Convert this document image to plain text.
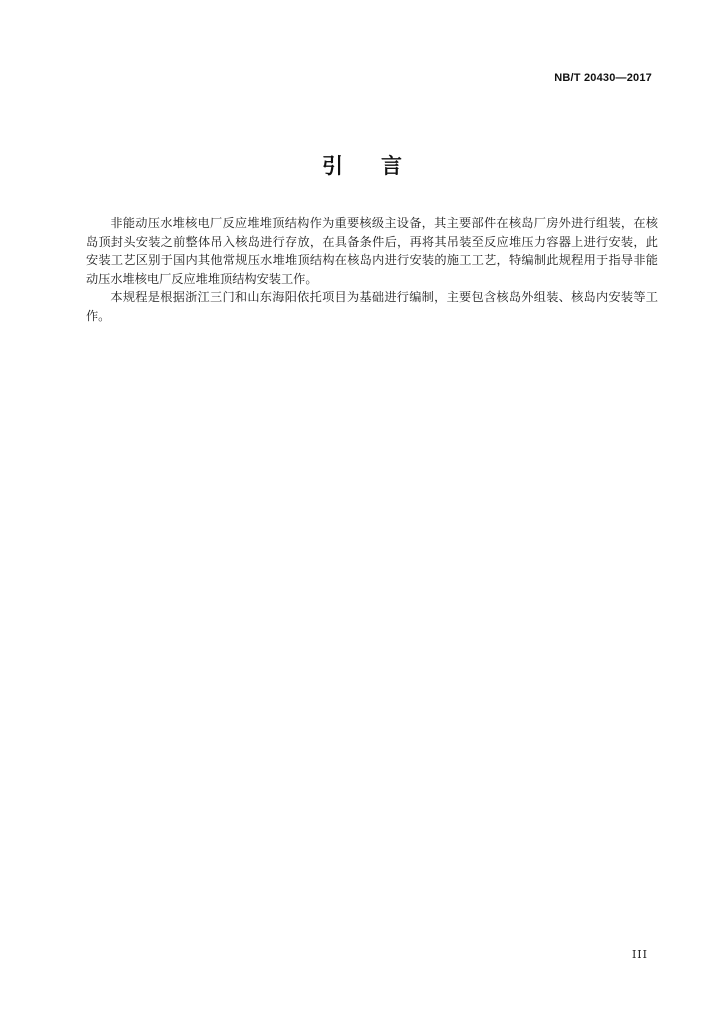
NB/T 20430—2017
引 言

非能动压水堆核电厂反应堆堆顶结构作为重要核级主设备，其主要部件在核岛厂房外进行组装，在核岛顶封头安装之前整体吊入核岛进行存放，在具备条件后，再将其吊装至反应堆压力容器上进行安装，此安装工艺区别于国内其他常规压水堆堆顶结构在核岛内进行安装的施工工艺，特编制此规程用于指导非能动压水堆核电厂反应堆堆顶结构安装工作。

本规程是根据浙江三门和山东海阳依托项目为基础进行编制，主要包含核岛外组装、核岛内安装等工作。

III
